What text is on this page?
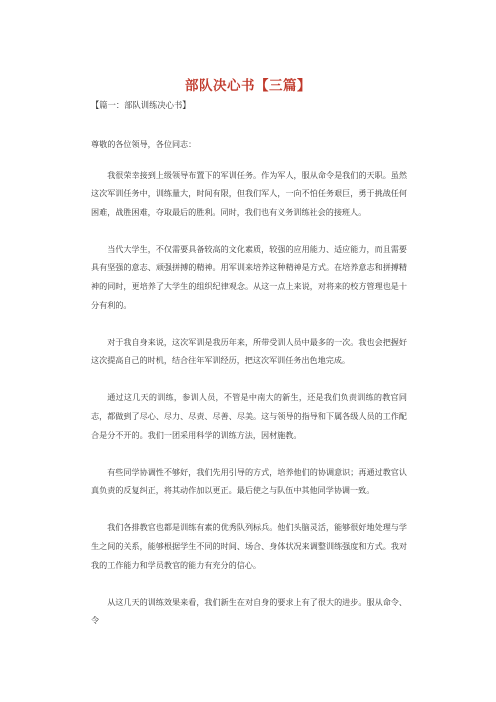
部队决心书【三篇】
【篇一：部队训练决心书】

尊敬的各位领导，各位同志：

我很荣幸接到上级领导布置下的军训任务。作为军人，服从命令是我们的天职。虽然这次军训任务中，训练量大，时间有限，但我们军人，一向不怕任务艰巨，勇于挑战任何困难，战胜困难，夺取最后的胜利。同时，我们也有义务训练社会的接班人。

当代大学生，不仅需要具备较高的文化素质，较强的应用能力、适应能力，而且需要具有坚强的意志、顽强拼搏的精神。用军训来培养这种精神是方式。在培养意志和拼搏精神的同时，更培养了大学生的组织纪律观念。从这一点上来说，对将来的校方管理也是十分有利的。

对于我自身来说，这次军训是我历年来，所带受训人员中最多的一次。我也会把握好这次提高自己的时机，结合往年军训经历，把这次军训任务出色地完成。

通过这几天的训练，参训人员，不管是中南大的新生，还是我们负责训练的教官同志，都做到了尽心、尽力、尽责、尽善、尽美。这与领导的指导和下属各级人员的工作配合是分不开的。我们一团采用科学的训练方法，因材施教。

有些同学协调性不够好，我们先用引导的方式，培养他们的协调意识；再通过教官认真负责的反复纠正，将其动作加以更正。最后使之与队伍中其他同学协调一致。

我们各排教官也都是训练有素的优秀队列标兵。他们头脑灵活，能够很好地处理与学生之间的关系，能够根据学生不同的时间、场合、身体状况来调整训练强度和方式。我对我的工作能力和学员教官的能力有充分的信心。

从这几天的训练效果来看，我们新生在对自身的要求上有了很大的进步。服从命令、令
